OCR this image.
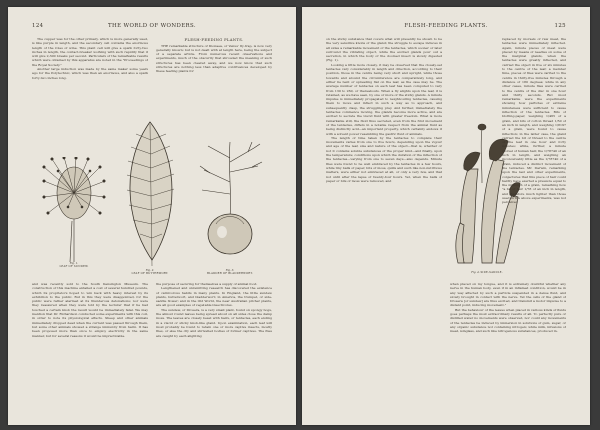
124	THE WORLD OF WONDERS.

The cupper was for the other primary, which is more generally used, is like purple in length, and the secondary cell contains the enormous length of the roles of wine. This plant cell will give a spark forty-two inches in length, the contact-breaker working with such rapidity that it will give 2,300 breaks per second. Particulars of the remarkable results which were obtained by this apparatus are noted in the "Proceedings of the Royal Society."

Another large induction was made by the same maker some years ago for the Polytechnic, which was then an enormous, and also a spark forty-two inches long.

FLESH-FEEDING PLANTS.

THE remarkable structure of Dionaea, or Venus' fly-trap, is now very generally known; but is not dealt with at length here, being the subject of a separate article. From numerous recent observations and experiments, much of the obscurity that shrouded the meaning of such structures has been cleared away, and we now know that such structures are nothing less than adaptive contrivances developed by these feeding plants for

Fig. 1.
LEAF OF SUNDEW.
Fig. 2.
LEAF OF BUTTERWORT.
Fig. 3.
BLADDER OF BLADDERWORT.

and was recently sold to the South Kensington Museum. The construction of this machine entailed a cost of several hundred pounds, which its proprietors hoped to win back with heavy interest by its exhibition to the public. But in this they were disappointed, for the public were rather alarmed at its thunderous detonations; nor were they reassured when they were told by the lecturer that if he had touched a certain knob the result would be immediately fatal. We may mention that Dr. Richardson conducted some experiments with this coil, in order to note its physiological effects. Sheep and other animals immediately dropped dead when the current was passed through them, but some other animals showed a strange immunity from harm. It has been proposed more than once to employ electricity in the same manner, but for several reasons it would be impracticable.

the purpose of securing for themselves a supply of animal food.

Lengthened and unremitting research has discovered the existence of carnivorous habits in many plants. In England, the little sundew plants, butterwort, and bladderwort; in America, the trumpet, or side-saddle flower; and in the Old World, the near Australian pitcher plants, are all good examples of vegetable insectivores.

The sundew, or Drosera, is a very small plant, found on spongy bogs, the almost round leaves being spread about on all sides close the damp moss. The leaves are closely beset with hairs, or tentacles, each ending in a viscid or sticky knob-like gland. Upon examination, each leaf will most probably be found to retain one or more captive insects, mostly flies, or else the dry and shrivelled bodies of former captives. The flies are caught by each alighting

FLESH-FEEDING PLANTS.	125

on the sticky substance that covers what will presently be shown to be the very sensitive knobs of the gland; the struggle to escape induces in all sides a remarkable movement of the tentacles, which sooner or later surround the vibrating object, while the excited glands pour out a secretion, in which the body of the doomed insect is slowly digested (Fig. 1).

Looking a little more closely, it may be observed that the closely-set tentacles vary considerably in length and direction, according to their position, those in the centre being very short and upright, while those towards and around the circumference are comparatively long, and either lie bent or spreading flat on the leaf, as the case may be. The average number of tentacles on each leaf has been computed to vary from 130 to 260, or thereabouts. When a fly alights upon the leaf, it is retained, as we have seen, by one or more of the sticky glands. A minute impulse is immediately propagated to neighbouring tentacles, causing them to move and inflect in such a way as to approach, and subsequently clasp, the struggling prey. And further, immediately the tentacles commence moving, the glands become more active, and are excited to secrete the viscid fluid with greater freedom. What is more remarkable still, the fluid thus secreted, even from the first movement of the tentacles, differs in a notable respect from the animal fluid as being distinctly acid—an important property, which certainly endows it with a solvent power resembling the gastric fluid of animals.

The length of time taken by the tentacles to complete their movements varies from one to five hours, depending upon the vigour and age of the leaf, size and nature of the object—that is, whether or not it contains soluble substances of the proper kind—and finally, upon the temperature; conditions upon which the duration of the inflection of the tentacles—varying from one to seven days—also depends. Minute flies were found to be well embraced by the tentacles in a few hours, while tiny balls of paper, bits of moss, quills and such like non-nutritious matters, were either not embraced at all, or only a very few, and that not until after the lapse of twenty-four hours. Yet, when the balls of paper or bits of moss were removed, and

Fig. 4. SIDE-SADDLE.

replaced by morsels of raw meat, the tentacles were immediately inflected. Again, minute pieces of meat were placed by means of needles on some of the marginal glands, when the tentacles were greatly inflected, and carried the object in five or six minutes to the centre of the leaf; a member time, pieces of flies were carried to the centre in thirty-five minutes through a distance of 180 degrees; while in any other cases, minute flies were carried to the centre of the disc in one hour and thirty seconds. But most remarkable were the experiments showing how particles of extreme minuteness were sufficient to cause inflection of the tentacles. Bits of blotting-paper, weighing 1/465 of a grain, and bits of cotton thread 1/50 of an inch in length, and weighing 1/8197 of a grain, were found to cause inflection; in the latter case, the gland carried the bit of thread to the centre of the leaf in one hour and forty minutes; while, further, a minute morsel of human hair, the 1/78740 of an inch in length, and weighing an inconceivably little as the 1/78740 of a grain, induced a distinct movement of the tentacles. Mr. Darwin, remarking upon the last and other experiments, conjectures that this piece of hair could hardly have exerted a pressure equal to the millionth of a grain, remarking how "a bit of hair 1/78 of an inch in length, and therefore much lighter than those used in the above experiments, was not perceived

when placed on my tongue, and it is extremely doubtful whether any nerve in the human body, even if in an inflamed condition, would be in any way affected by such a particle suspended in a dense fluid, and slowly brought in contact with the nerve. Yet the cells of the gland of Drosera [or sundew] are thus excited, and transmit a motor impulse to a distant point, inducing movement."

But the behaviour of the leaves when placed in various kinds of fluids goes perhaps the most extraordinary results of all. To perfectly pure or distilled water no movements were observed, nor could any movements of the tentacles be induced by immersion in solutions of gum, sugar, or any organic substance not containing nitrogen; while milk, infusions of meat, isinglass, and such like nitrogenous substances, produced in-
